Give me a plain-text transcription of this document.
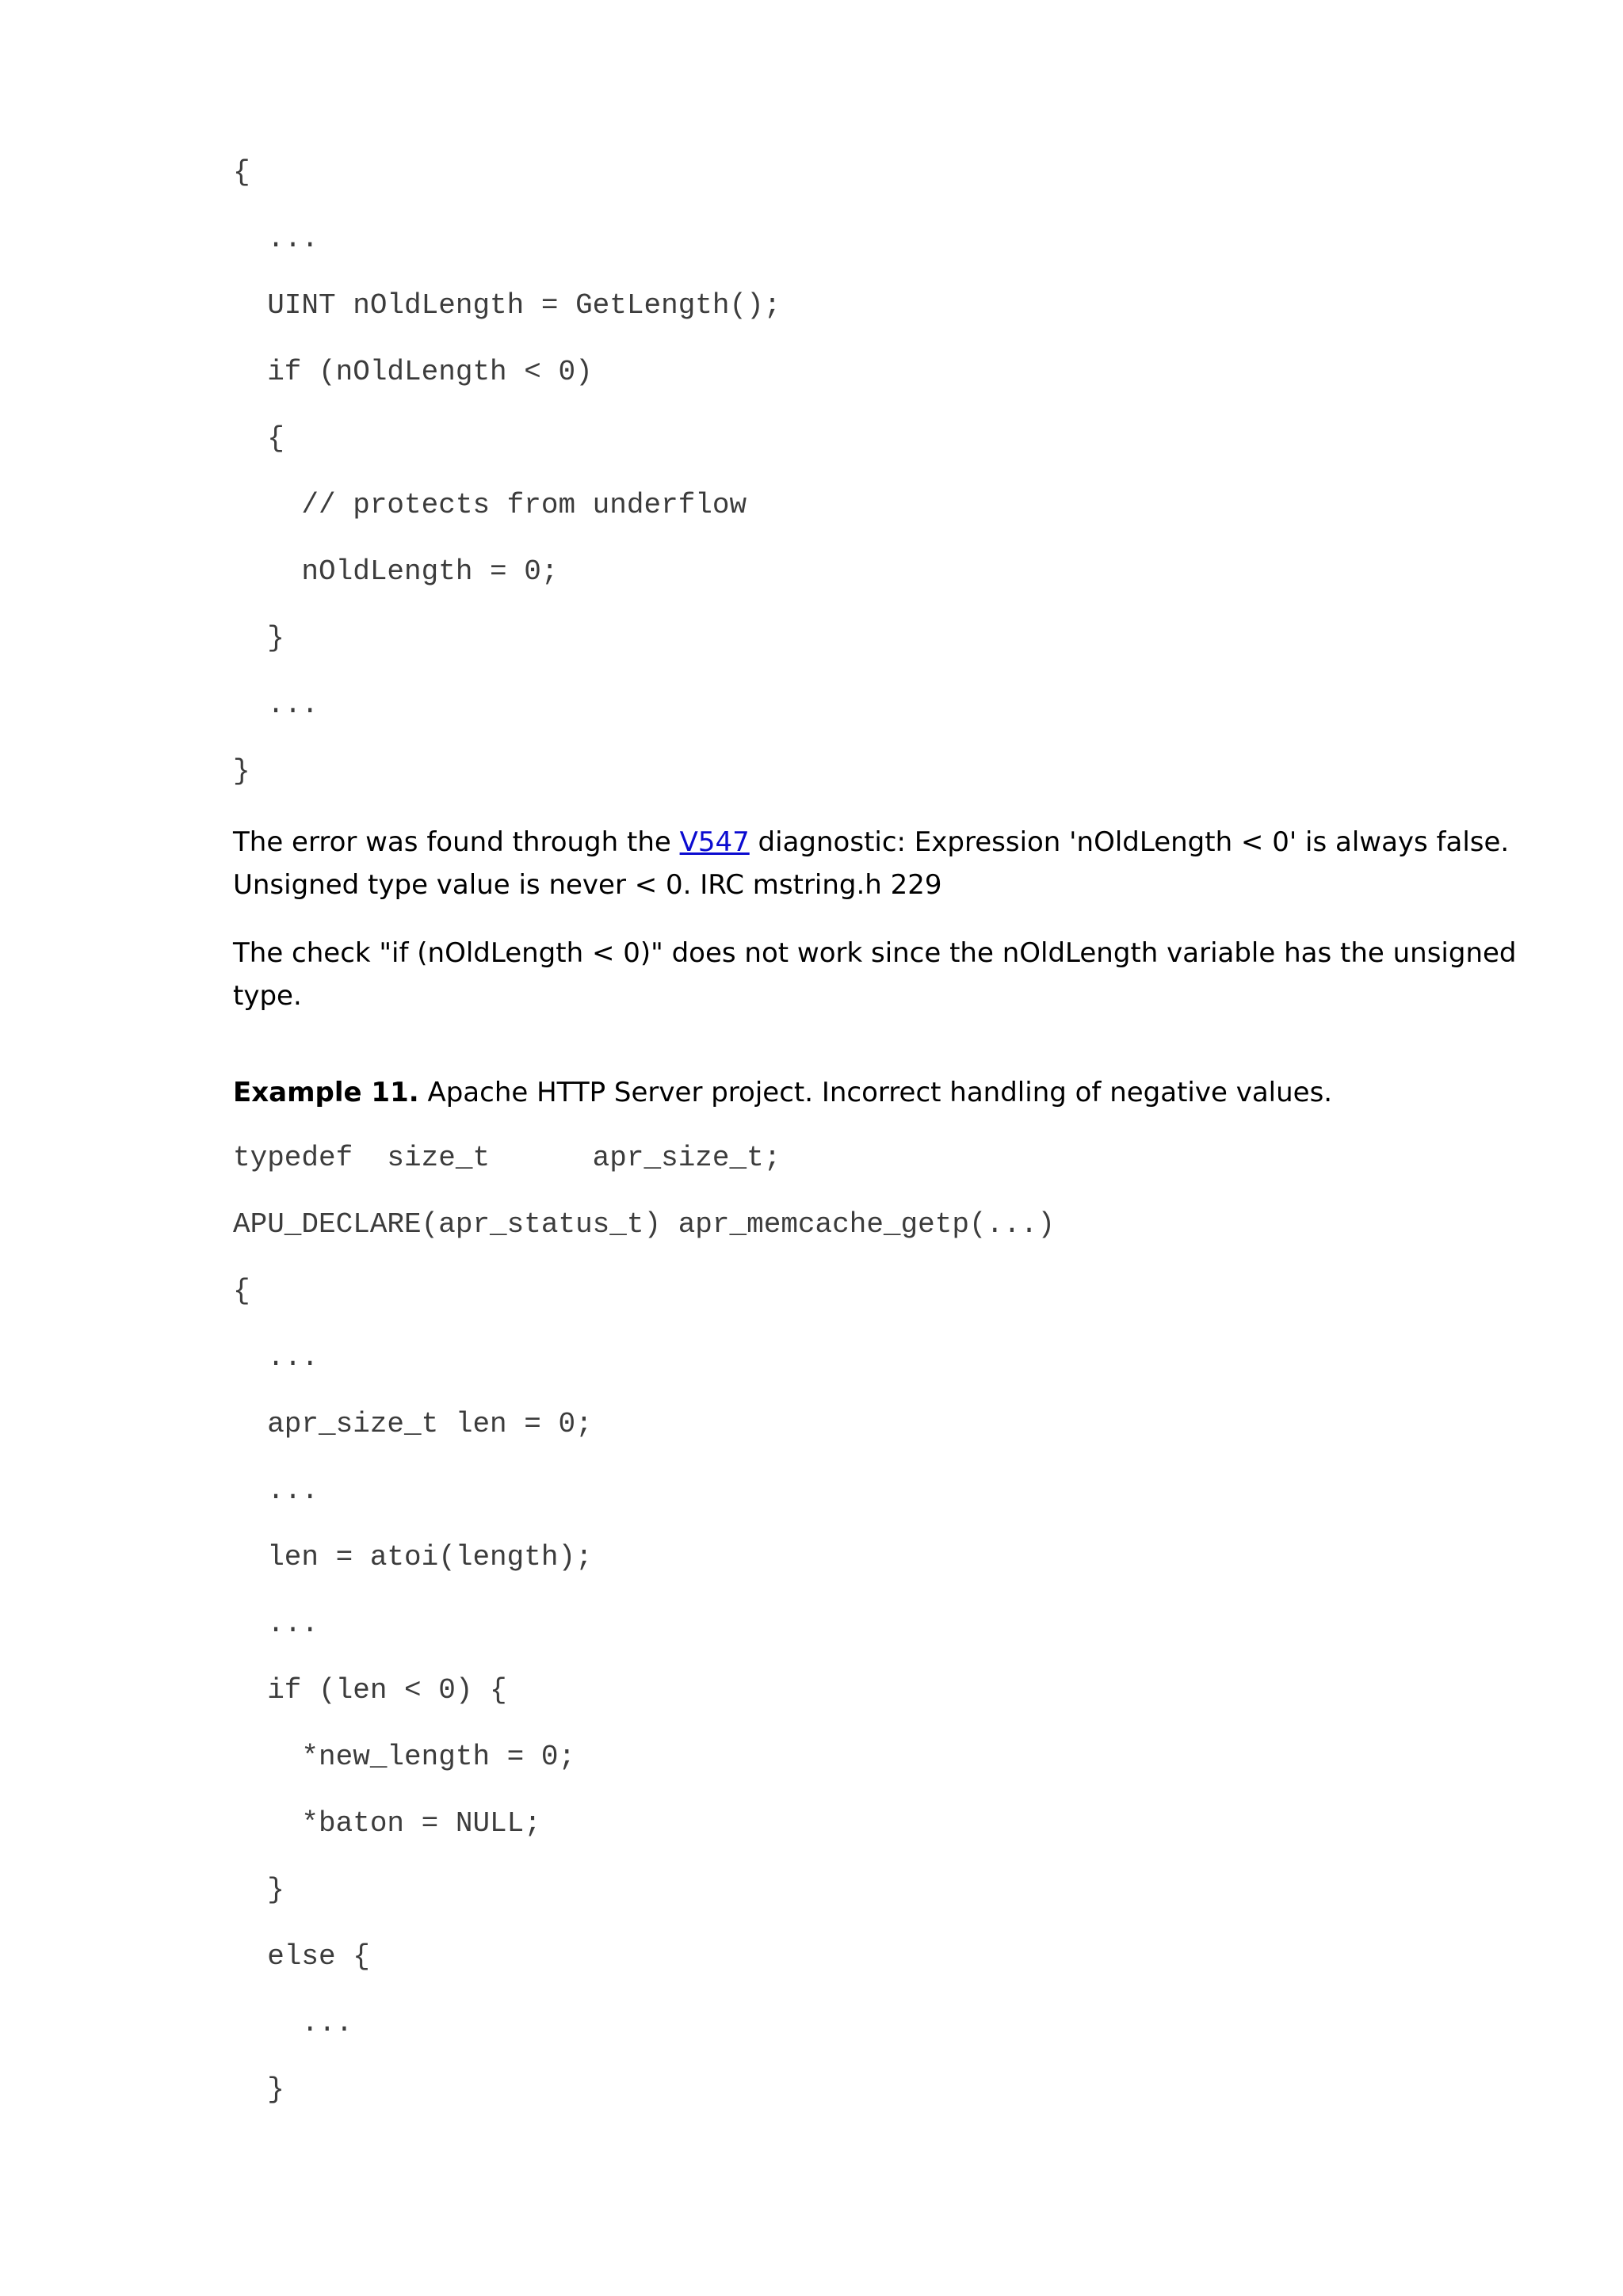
{
...
UINT nOldLength = GetLength();
if (nOldLength < 0)
{
// protects from underflow
nOldLength = 0;
}
...
}

The error was found through the V547 diagnostic: Expression 'nOldLength < 0' is always false. Unsigned type value is never < 0. IRC mstring.h 229

The check "if (nOldLength < 0)" does not work since the nOldLength variable has the unsigned type.

Example 11. Apache HTTP Server project. Incorrect handling of negative values.

typedef  size_t      apr_size_t;
APU_DECLARE(apr_status_t) apr_memcache_getp(...)
{
...
apr_size_t len = 0;
...
len = atoi(length);
...
if (len < 0) {
*new_length = 0;
*baton = NULL;
}
else {
...
}
